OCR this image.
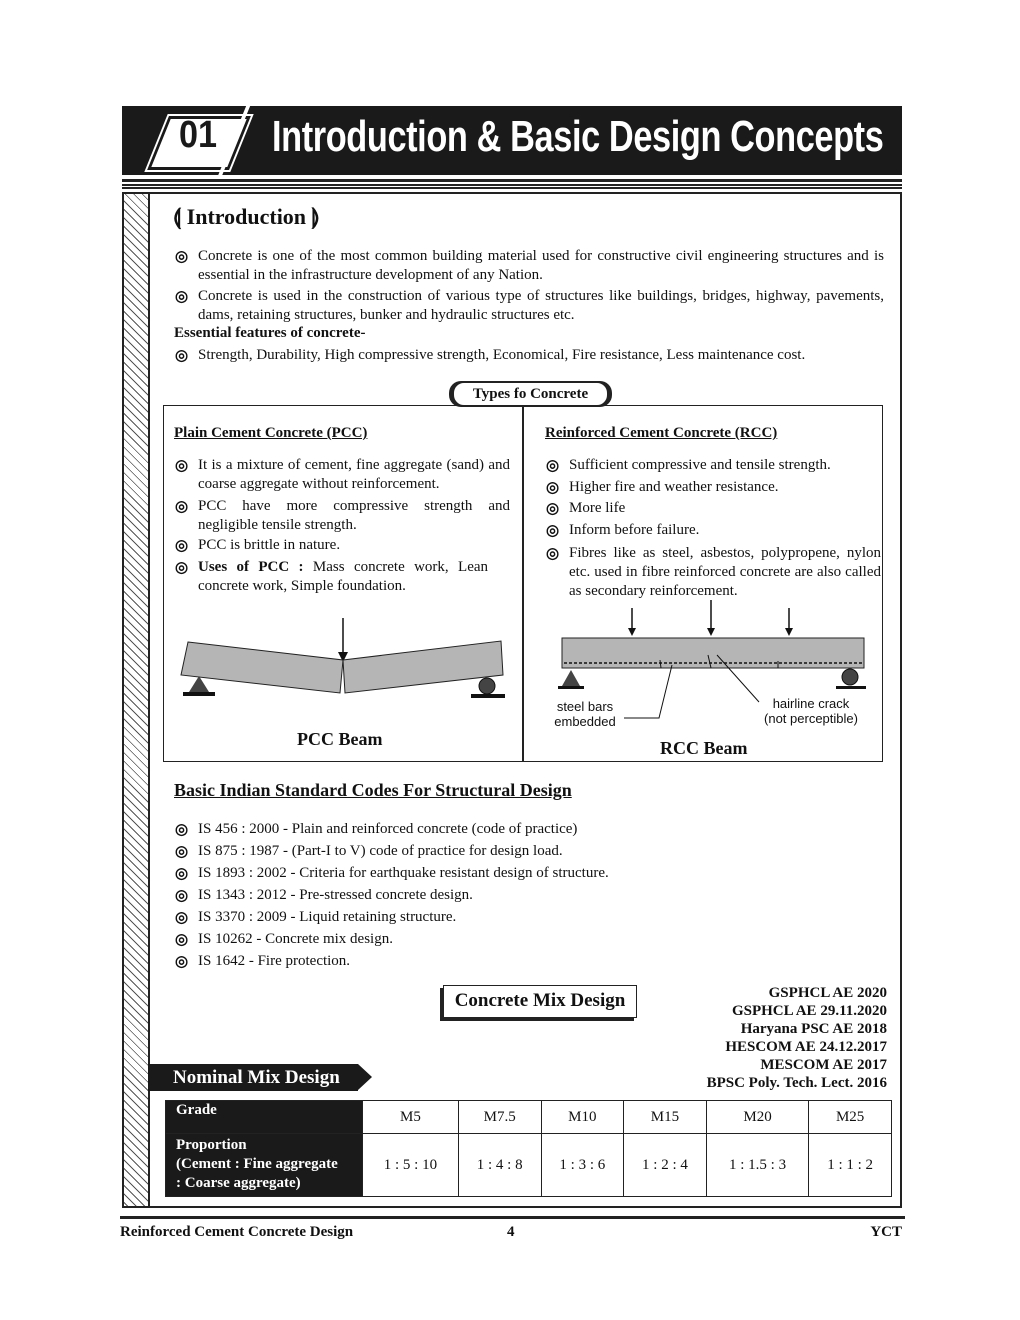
01	Introduction & Basic Design Concepts
⟬ Introduction ⟭
◎ Concrete is one of the most common building material used for constructive civil engineering structures and is essential in the infrastructure development of any Nation.
◎ Concrete is used in the construction of various type of structures like buildings, bridges, highway, pavements, dams, retaining structures, bunker and hydraulic structures etc.
Essential features of concrete-
◎ Strength, Durability, High compressive strength, Economical, Fire resistance, Less maintenance cost.
Types fo Concrete
Plain Cement Concrete (PCC)
◎ It is a mixture of cement, fine aggregate (sand) and coarse aggregate without reinforcement.
◎ PCC have more compressive strength and negligible tensile strength.
◎ PCC is brittle in nature.
◎ Uses of PCC : Mass concrete work, Lean concrete work, Simple foundation.
PCC Beam
Reinforced Cement Concrete (RCC)
◎ Sufficient compressive and tensile strength.
◎ Higher fire and weather resistance.
◎ More life
◎ Inform before failure.
◎ Fibres like as steel, asbestos, polypropene, nylon etc. used in fibre reinforced concrete are also called as secondary reinforcement.
steel bars
embedded
hairline crack
(not perceptible)
RCC Beam
Basic Indian Standard Codes For Structural Design
◎ IS 456 : 2000 - Plain and reinforced concrete (code of practice)
◎ IS 875 : 1987 - (Part-I to V) code of practice for design load.
◎ IS 1893 : 2002 - Criteria for earthquake resistant design of structure.
◎ IS 1343 : 2012 - Pre-stressed concrete design.
◎ IS 3370 : 2009 - Liquid retaining structure.
◎ IS 10262 - Concrete mix design.
◎ IS 1642 - Fire protection.
Concrete Mix Design	GSPHCL AE 2020
GSPHCL AE 29.11.2020
Haryana PSC AE 2018
HESCOM AE 24.12.2017
MESCOM AE 2017
BPSC Poly. Tech. Lect. 2016
Nominal Mix Design
Grade	M5	M7.5	M10	M15	M20	M25

Proportion
(Cement : Fine aggregate
: Coarse aggregate)	1 : 5 : 10	1 : 4 : 8	1 : 3 : 6	1 : 2 : 4	1 : 1.5 : 3	1 : 1 : 2
Reinforced Cement Concrete Design	4	YCT
